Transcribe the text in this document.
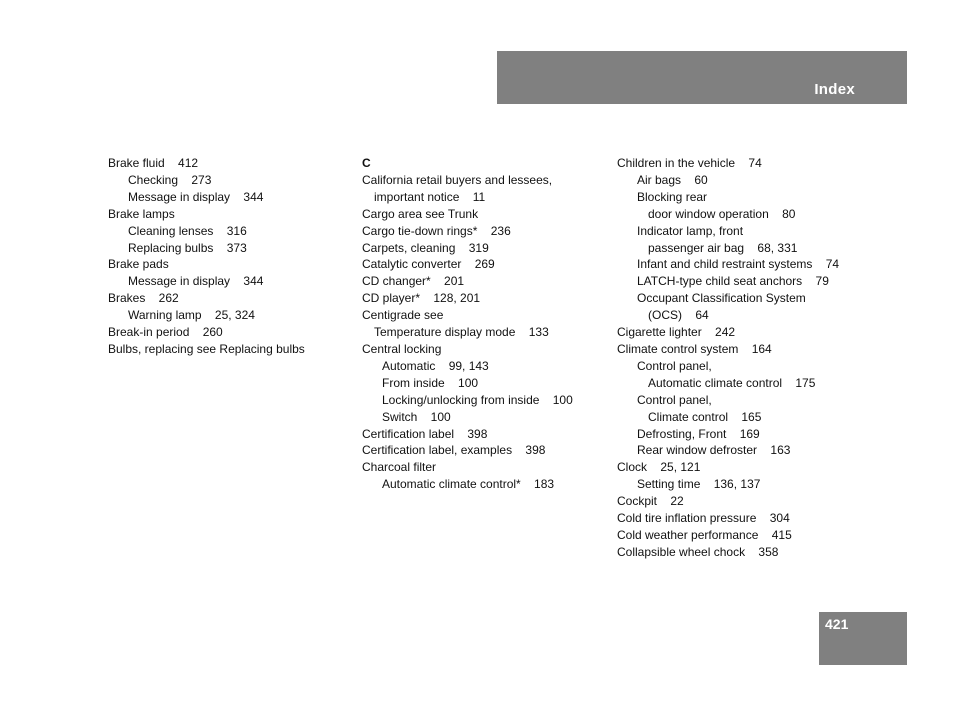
Index
Brake fluid    412
Checking    273
Message in display    344
Brake lamps
Cleaning lenses    316
Replacing bulbs    373
Brake pads
Message in display    344
Brakes    262
Warning lamp    25, 324
Break-in period    260
Bulbs, replacing see Replacing bulbs
C
California retail buyers and lessees,
important notice    11
Cargo area see Trunk
Cargo tie-down rings*    236
Carpets, cleaning    319
Catalytic converter    269
CD changer*    201
CD player*    128, 201
Centigrade see
Temperature display mode    133
Central locking
Automatic    99, 143
From inside    100
Locking/unlocking from inside    100
Switch    100
Certification label    398
Certification label, examples    398
Charcoal filter
Automatic climate control*    183
Children in the vehicle    74
Air bags    60
Blocking rear
door window operation    80
Indicator lamp, front
passenger air bag    68, 331
Infant and child restraint systems    74
LATCH-type child seat anchors    79
Occupant Classification System
(OCS)    64
Cigarette lighter    242
Climate control system    164
Control panel,
Automatic climate control    175
Control panel,
Climate control    165
Defrosting, Front    169
Rear window defroster    163
Clock    25, 121
Setting time    136, 137
Cockpit    22
Cold tire inflation pressure    304
Cold weather performance    415
Collapsible wheel chock    358
421
